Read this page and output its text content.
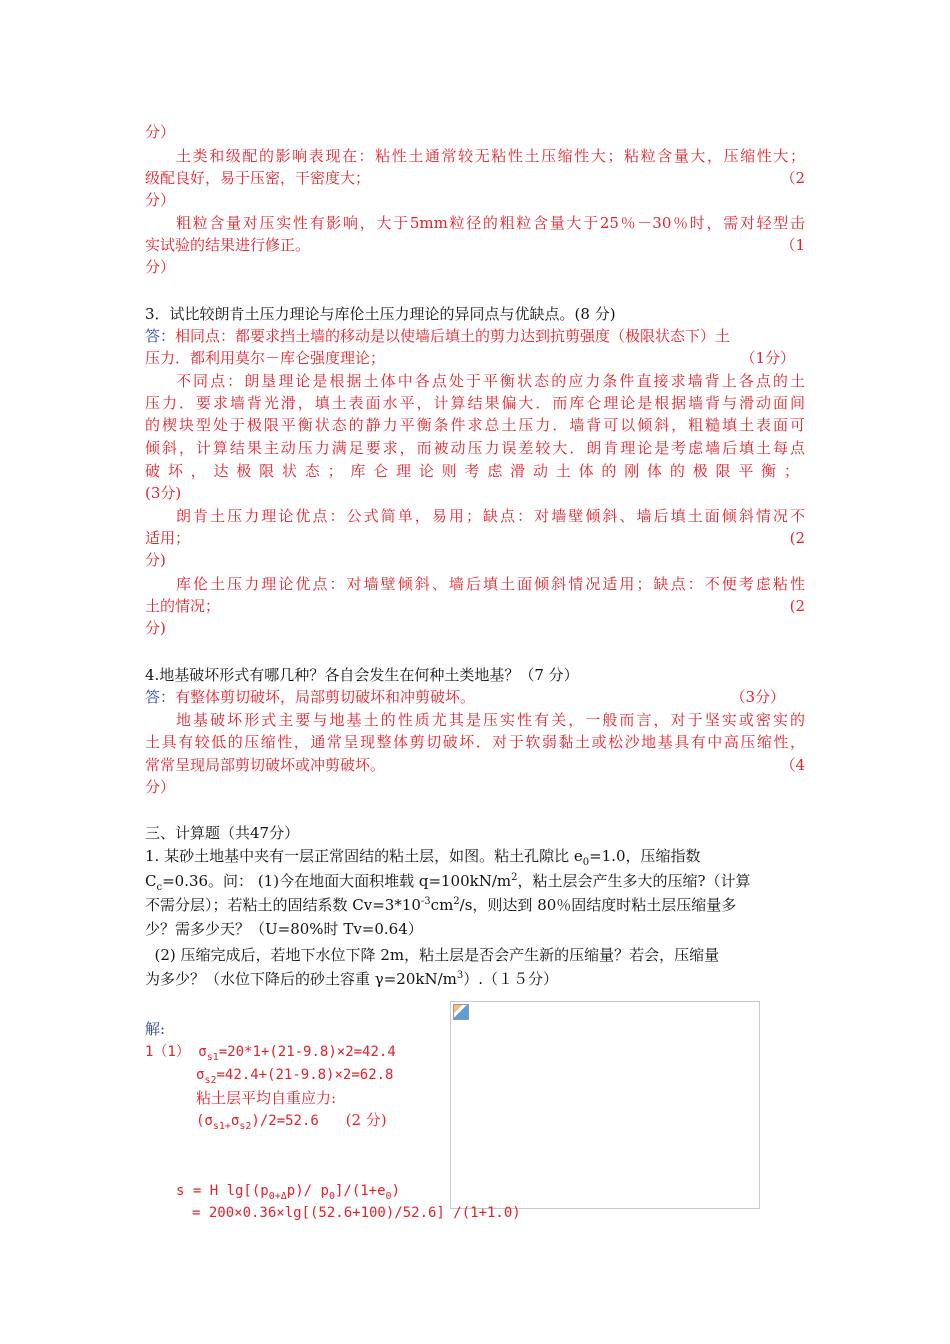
分）
土类和级配的影响表现在：粘性土通常较无粘性土压缩性大；粘粒含量大，压缩性大；
级配良好，易于压密，干密度大；	（2
分）
粗粒含量对压实性有影响，大于5mm粒径的粗粒含量大于25％－30％时，需对轻型击
实试验的结果进行修正。	（1
分）
3．试比较朗肯土压力理论与库伦土压力理论的异同点与优缺点。(8 分)
答：相同点：都要求挡土墙的移动是以使墙后填土的剪力达到抗剪强度（极限状态下）土
压力．都利用莫尔－库仑强度理论；	（1分）
不同点：朗垦理论是根据土体中各点处于平衡状态的应力条件直接求墙背上各点的土
压力．要求墙背光滑，填土表面水平，计算结果偏大．而库仑理论是根据墙背与滑动面间
的楔块型处于极限平衡状态的静力平衡条件求总土压力．墙背可以倾斜，粗糙填土表面可
倾斜，计算结果主动压力满足要求，而被动压力误差较大．朗肯理论是考虑墙后填土每点
破坏，达极限状态；库仑理论则考虑滑动土体的刚体的极限平衡；
(3分)
朗肯土压力理论优点：公式简单，易用；缺点：对墙壁倾斜、墙后填土面倾斜情况不
适用；	(2
分)
库伦土压力理论优点：对墙壁倾斜、墙后填土面倾斜情况适用；缺点：不便考虑粘性
土的情况；	(2
分)
4.地基破坏形式有哪几种？各自会发生在何种土类地基？（7 分）
答：有整体剪切破坏，局部剪切破坏和冲剪破坏。	（3分）
地基破坏形式主要与地基土的性质尤其是压实性有关，一般而言，对于坚实或密实的
土具有较低的压缩性，通常呈现整体剪切破坏．对于软弱黏土或松沙地基具有中高压缩性，
常常呈现局部剪切破坏或冲剪破坏。	（4
分）
三、计算题（共47分）
1. 某砂土地基中夹有一层正常固结的粘土层，如图。粘土孔隙比 $e_0=1.0$，压缩指数
$C_c=0.36$。问： (1)今在地面大面积堆载 $q=100kN/m^2$，粘土层会产生多大的压缩?（计算
不需分层）；若粘土的固结系数 $Cv=3*10^{-3}cm^2/s$，则达到 80％固结度时粘土层压缩量多
少？需多少天？（U=80%时 Tv=0.64）
(2) 压缩完成后，若地下水位下降 2m，粘土层是否会产生新的压缩量？若会，压缩量
为多少？（水位下降后的砂土容重 $\gamma=20kN/m^3).(15$分）
解:
1（1） $\sigma_{s1}=20*1+(21-9.8)\times 2=42.4$
$\sigma_{s2}=42.4+(21-9.8)\times 2=62.8$
粘土层平均自重应力:
$(\sigma_{s1+}\sigma_{s2})/2=52.6$ (2 分)
s = H $\lg[(p_{0+\Delta}p)/$ $p_0]/(1+e_0)$
= 200×0.36×lg[(52.6+100)/52.6] /(1+1.0)
